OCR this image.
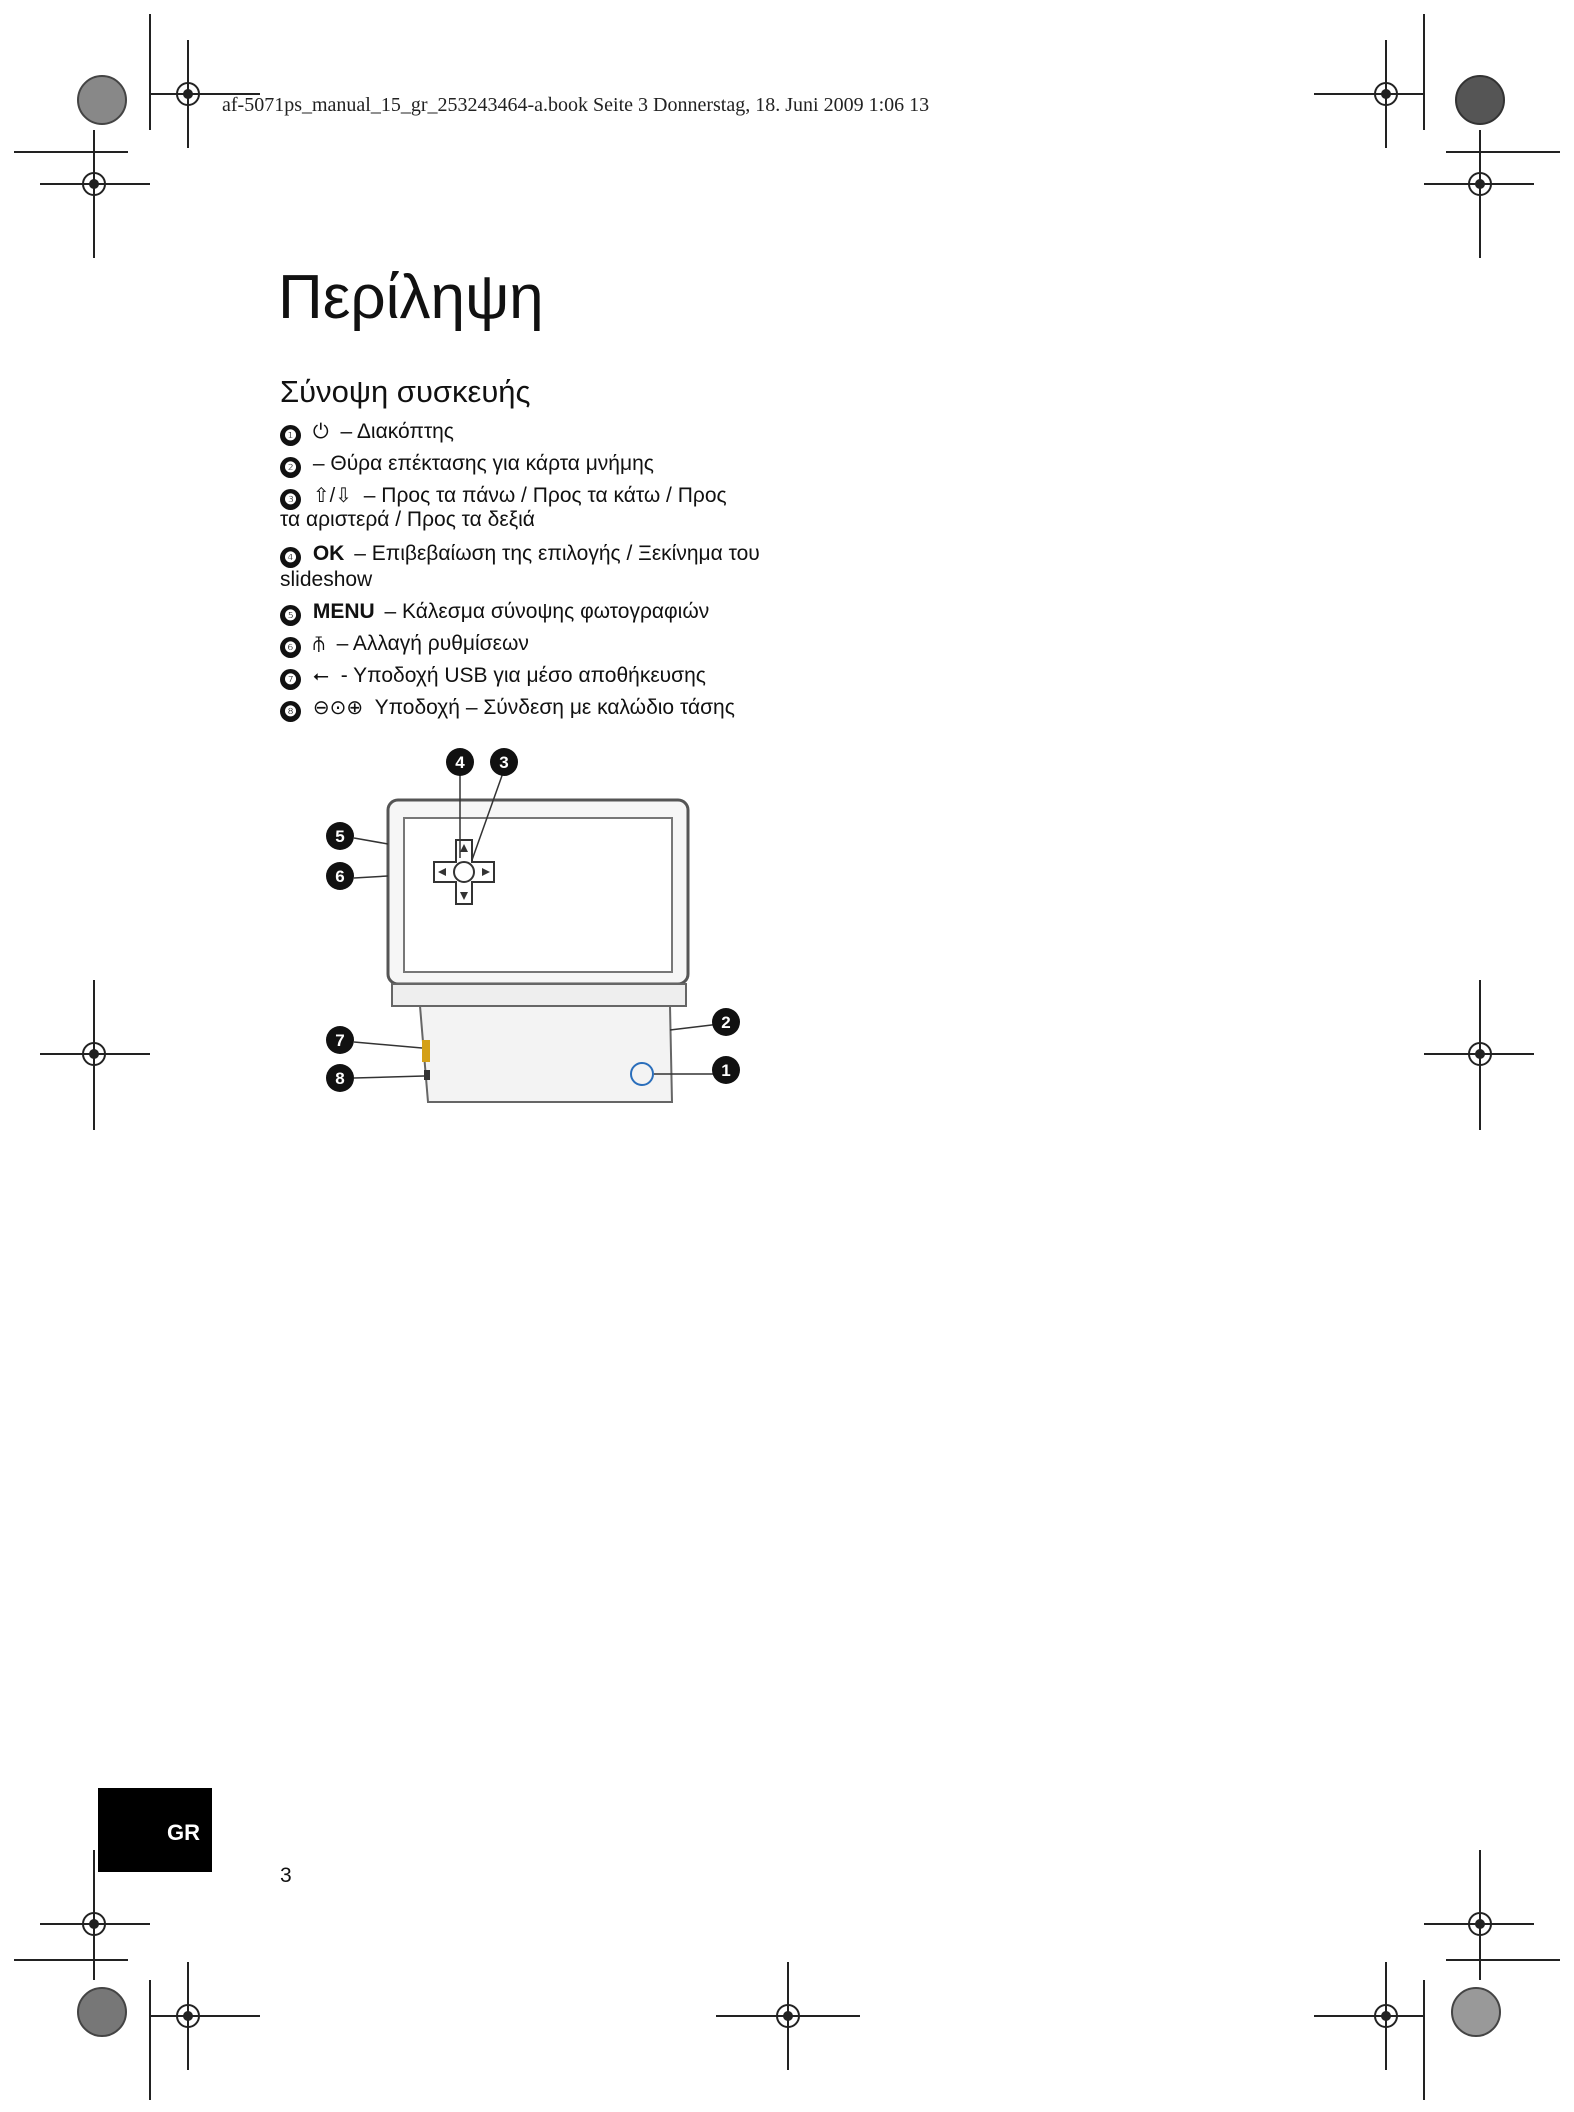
af-5071ps_manual_15_gr_253243464-a.book Seite 3 Donnerstag, 18. Juni 2009 1:06 13
Περίληψη
Σύνοψη συσκευής
❶ ⏻ – Διακόπτης
❷ – Θύρα επέκτασης για κάρτα μνήμης
❸ ⇧/⇩ – Προς τα πάνω / Προς τα κάτω / Προς
τα αριστερά / Προς τα δεξιά
❹ OK – Επιβεβαίωση της επιλογής / Ξεκίνημα του
slideshow
❺ MENU – Κάλεσμα σύνοψης φωτογραφιών
❻ ⫚ – Αλλαγή ρυθμίσεων
❼ ⭠ - Υποδοχή USB για μέσο αποθήκευσης
❽ ⊖⊙⊕ Υποδοχή – Σύνδεση με καλώδιο τάσης
4 3
5
6
7
8
2
1
GR
3
